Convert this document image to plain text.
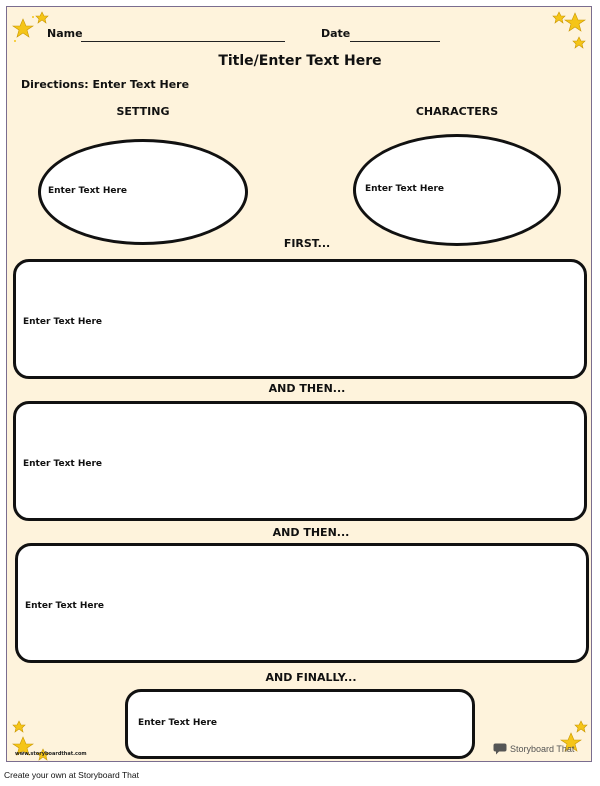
Name	Date
Title/Enter Text Here
Directions: Enter Text Here
SETTING
Enter Text Here
CHARACTERS
Enter Text Here
FIRST...
Enter Text Here
AND THEN...
Enter Text Here
AND THEN...
Enter Text Here
AND FINALLY...
Enter Text Here
www.storyboardthat.com	Storyboard That
Create your own at Storyboard That
